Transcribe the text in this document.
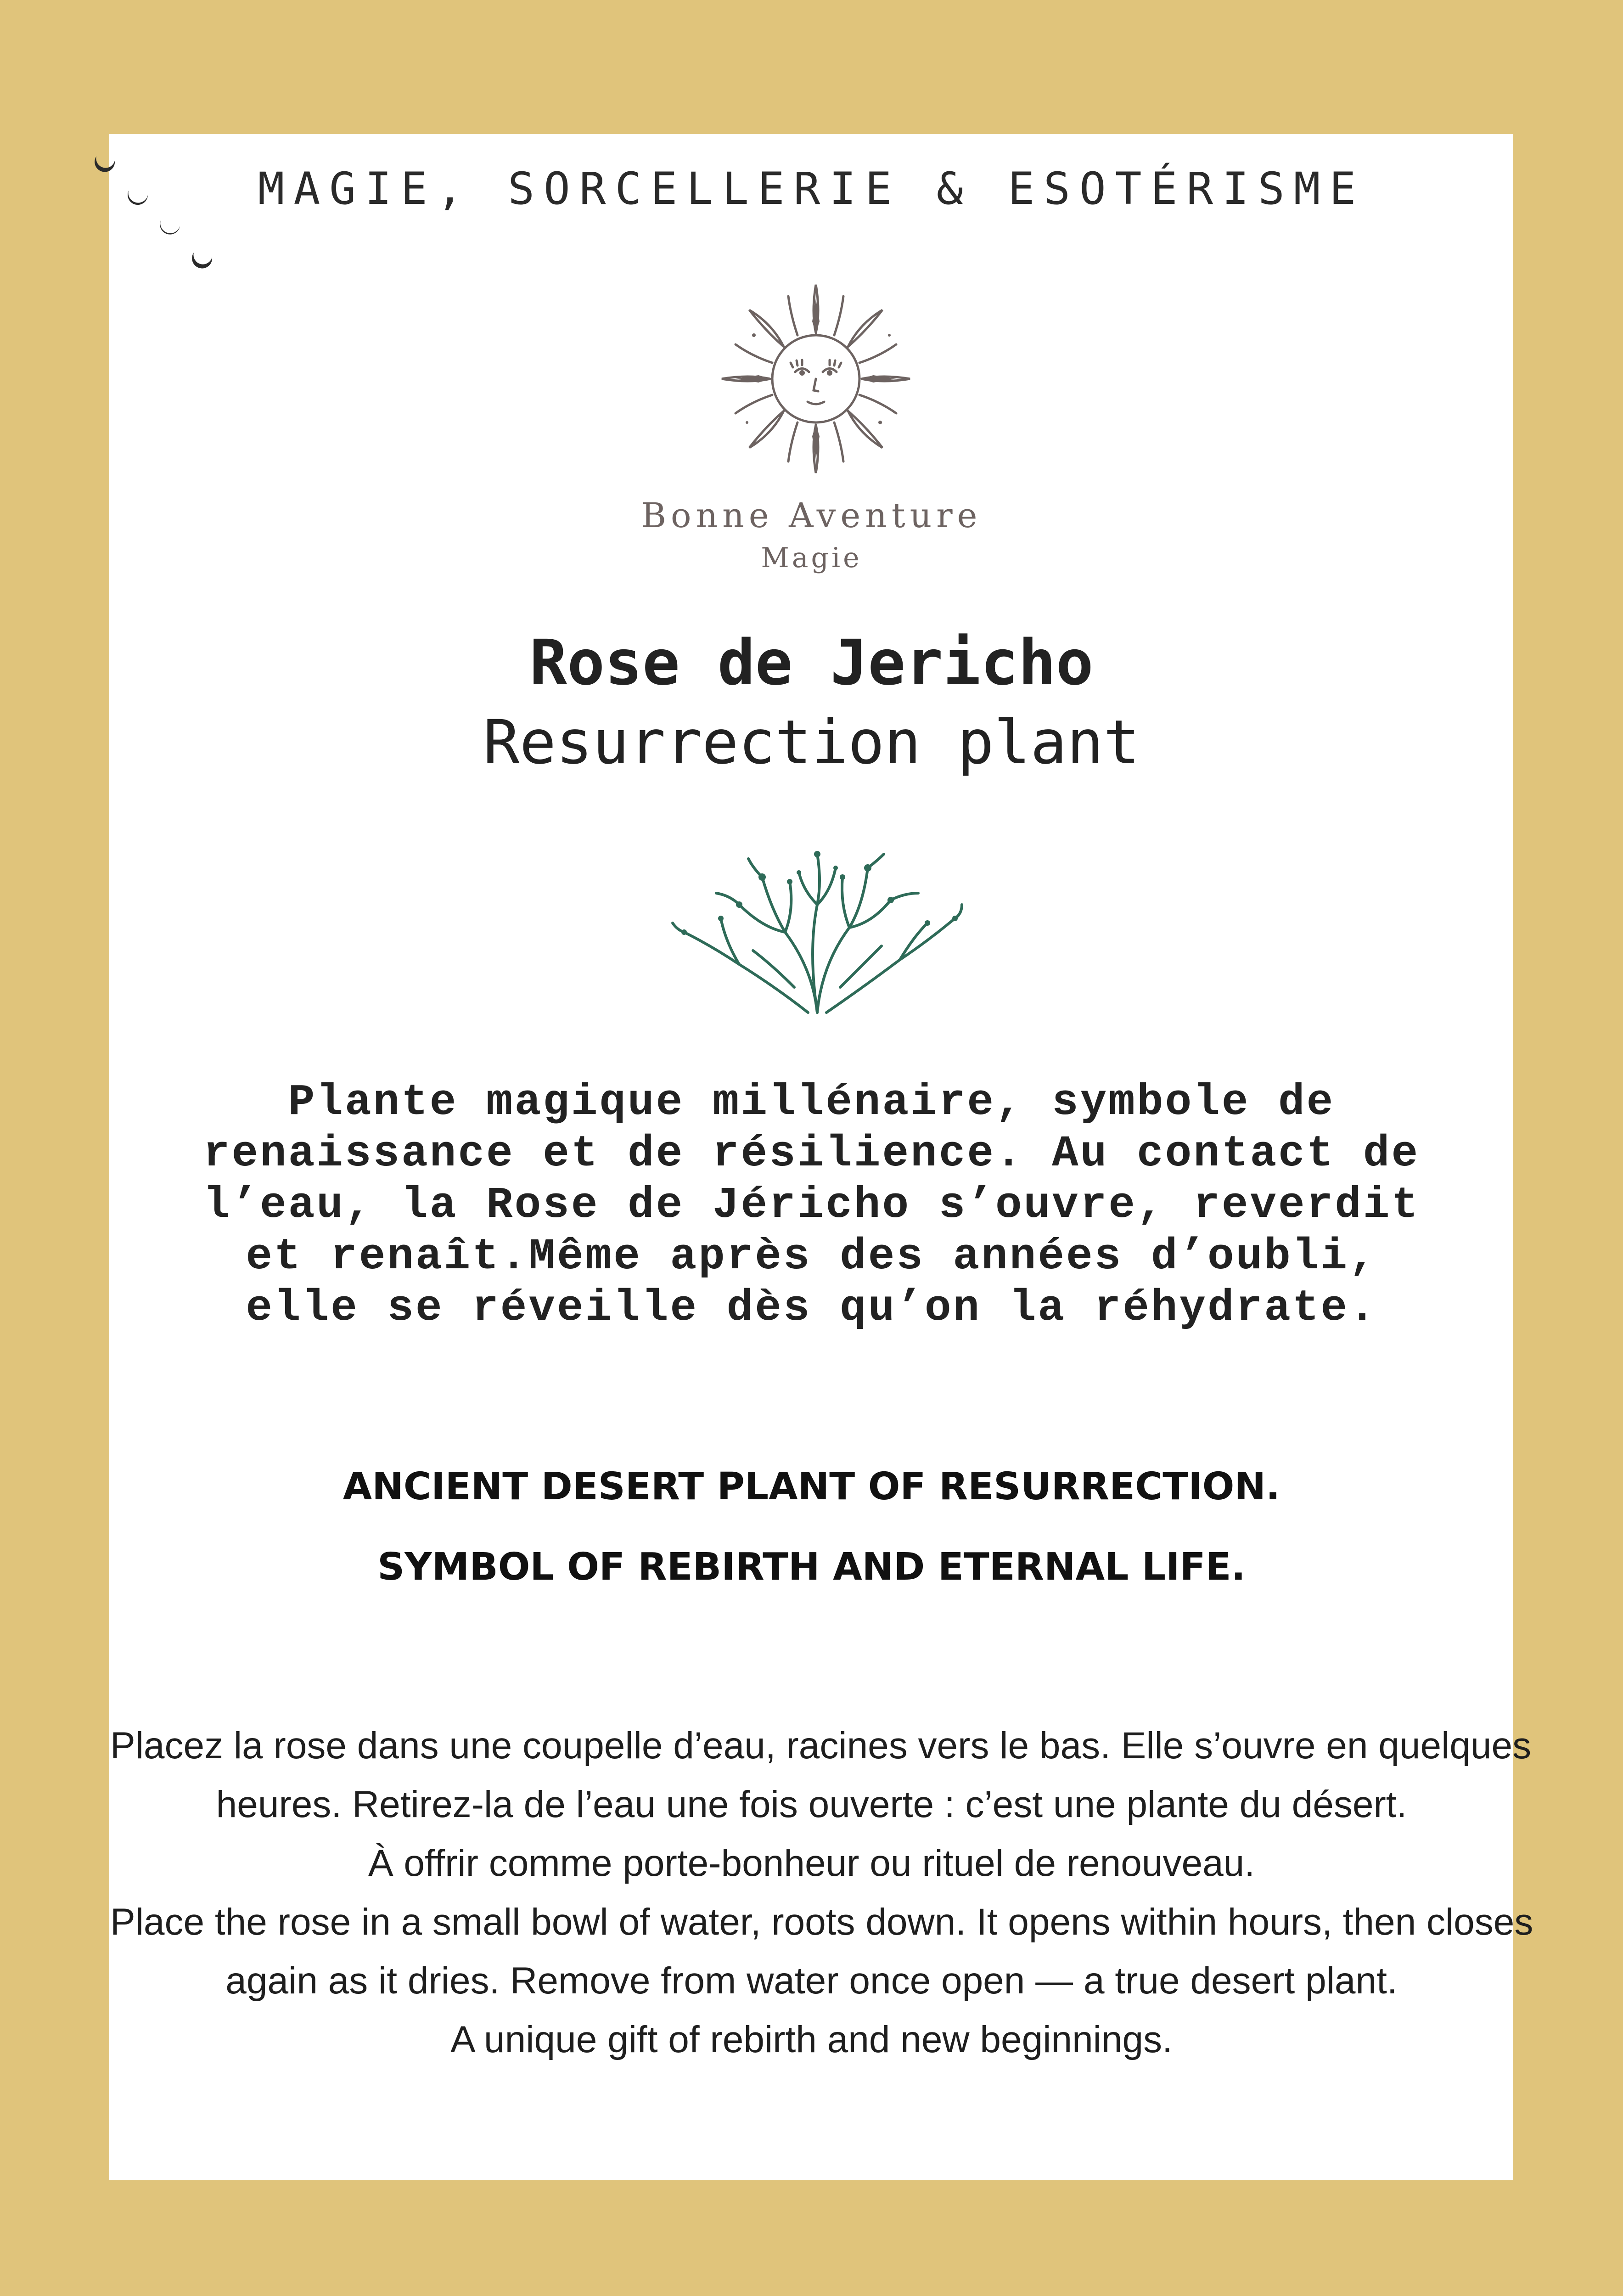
MAGIE, SORCELLERIE & ESOTÉRISME
Bonne Aventure
Magie
Rose de Jericho
Resurrection plant
Plante magique millénaire, symbole de
renaissance et de résilience. Au contact de
l’eau, la Rose de Jéricho s’ouvre, reverdit
et renaît.Même après des années d’oubli,
elle se réveille dès qu’on la réhydrate.
ANCIENT DESERT PLANT OF RESURRECTION.
SYMBOL OF REBIRTH AND ETERNAL LIFE.
Placez la rose dans une coupelle d’eau, racines vers le bas. Elle s’ouvre en quelques
heures. Retirez-la de l’eau une fois ouverte : c’est une plante du désert.
À offrir comme porte-bonheur ou rituel de renouveau.
Place the rose in a small bowl of water, roots down. It opens within hours, then closes
again as it dries. Remove from water once open — a true desert plant.
A unique gift of rebirth and new beginnings.
